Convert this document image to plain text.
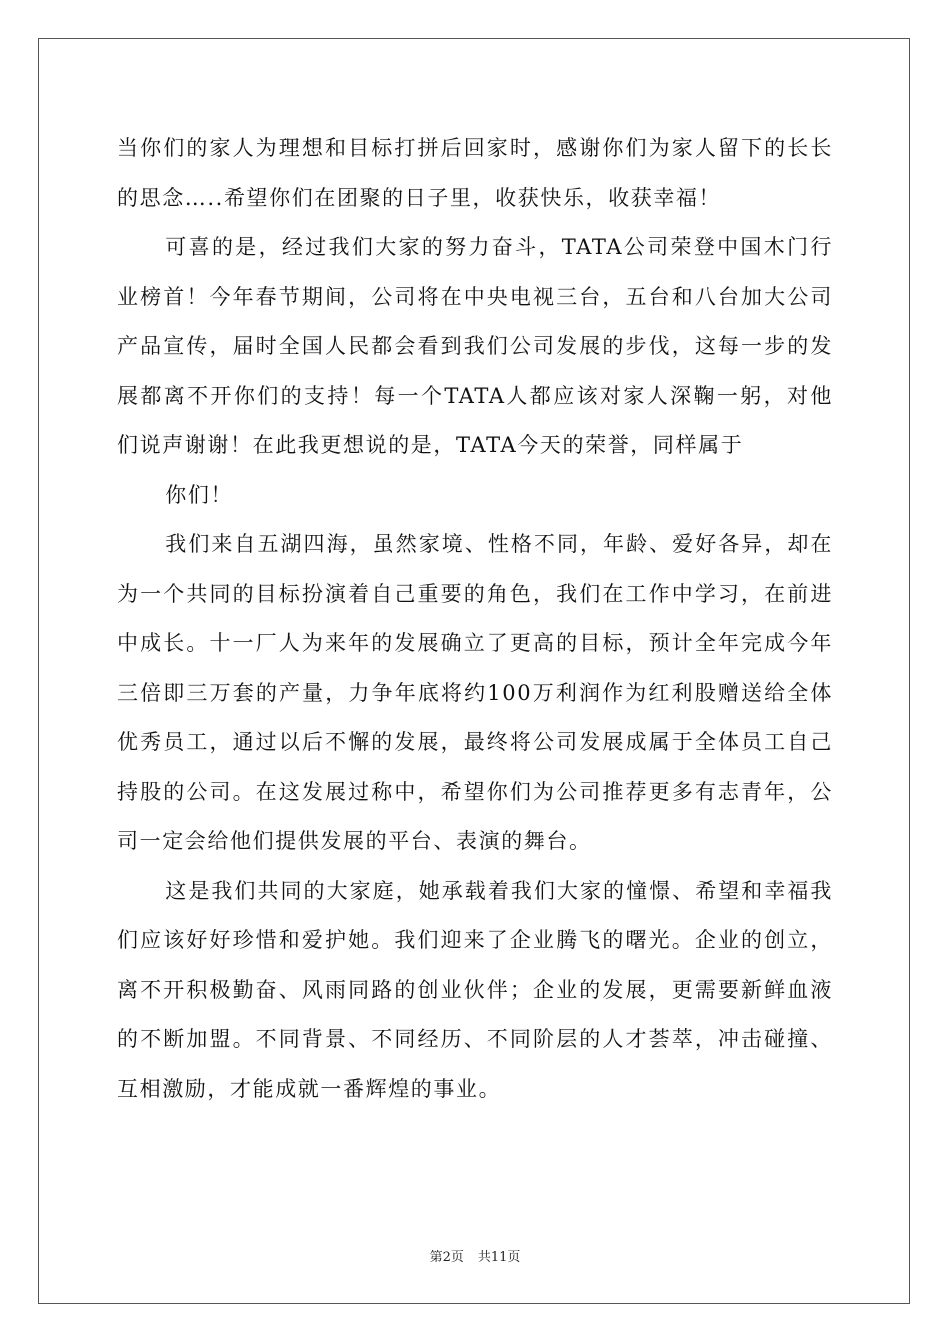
当你们的家人为理想和目标打拼后回家时，感谢你们为家人留下的长长的思念…..希望你们在团聚的日子里，收获快乐，收获幸福！

可喜的是，经过我们大家的努力奋斗，TATA公司荣登中国木门行业榜首！今年春节期间，公司将在中央电视三台，五台和八台加大公司产品宣传，届时全国人民都会看到我们公司发展的步伐，这每一步的发展都离不开你们的支持！每一个TATA人都应该对家人深鞠一躬，对他们说声谢谢！在此我更想说的是，TATA今天的荣誉，同样属于

你们！

我们来自五湖四海，虽然家境、性格不同，年龄、爱好各异，却在为一个共同的目标扮演着自己重要的角色，我们在工作中学习，在前进中成长。十一厂人为来年的发展确立了更高的目标，预计全年完成今年三倍即三万套的产量，力争年底将约100万利润作为红利股赠送给全体优秀员工，通过以后不懈的发展，最终将公司发展成属于全体员工自己持股的公司。在这发展过称中，希望你们为公司推荐更多有志青年，公司一定会给他们提供发展的平台、表演的舞台。

这是我们共同的大家庭，她承载着我们大家的憧憬、希望和幸福我们应该好好珍惜和爱护她。我们迎来了企业腾飞的曙光。企业的创立，离不开积极勤奋、风雨同路的创业伙伴；企业的发展，更需要新鲜血液的不断加盟。不同背景、不同经历、不同阶层的人才荟萃，冲击碰撞、互相激励，才能成就一番辉煌的事业。

第2页 共11页
